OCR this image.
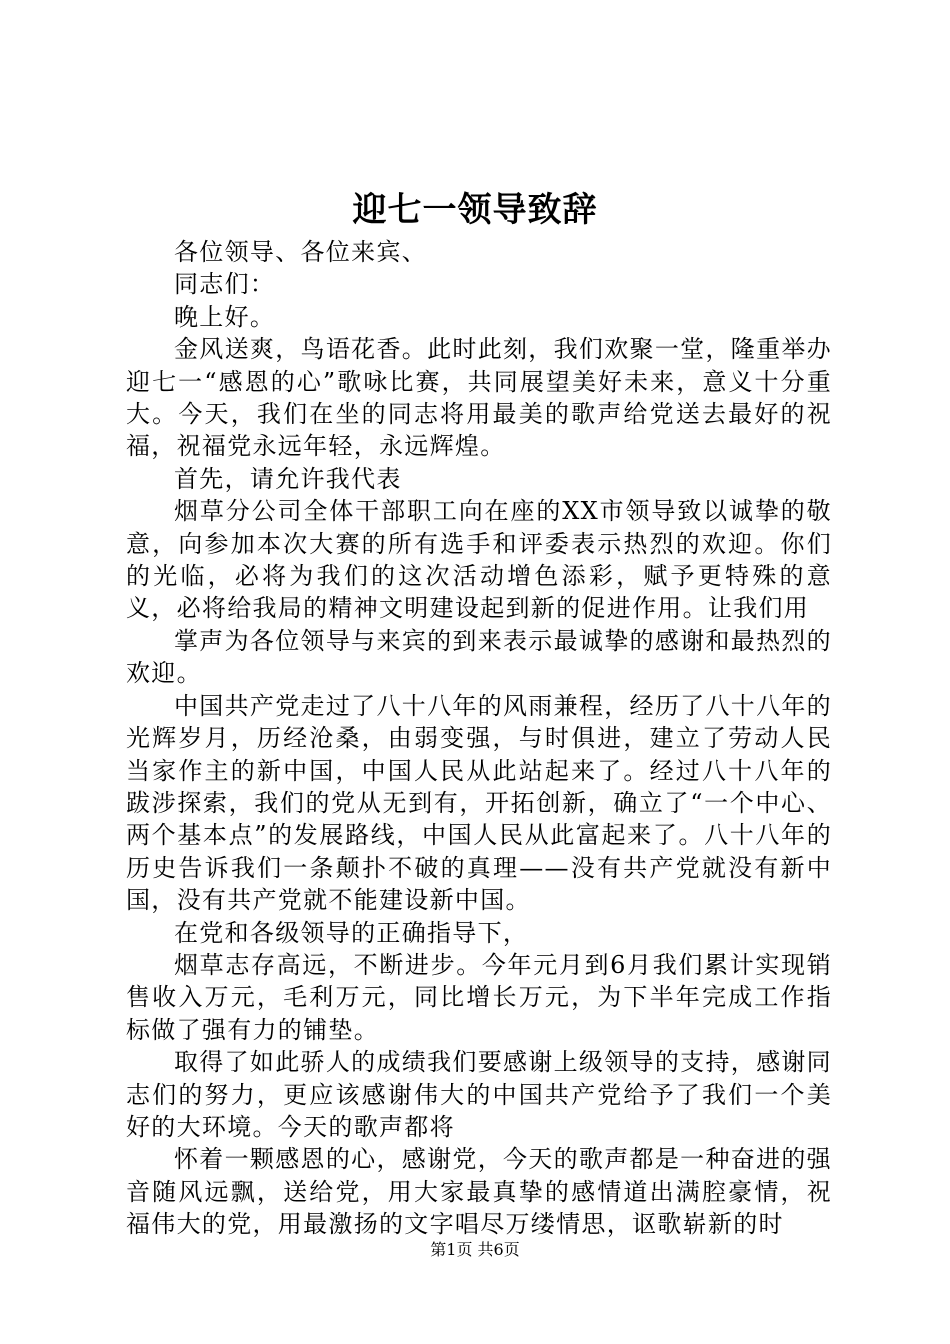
迎七一领导致辞

各位领导、各位来宾、

同志们：

晚上好。

金风送爽，鸟语花香。此时此刻，我们欢聚一堂，隆重举办迎七一“感恩的心”歌咏比赛，共同展望美好未来，意义十分重大。今天，我们在坐的同志将用最美的歌声给党送去最好的祝福，祝福党永远年轻，永远辉煌。

首先，请允许我代表

烟草分公司全体干部职工向在座的XX市领导致以诚挚的敬意，向参加本次大赛的所有选手和评委表示热烈的欢迎。你们的光临，必将为我们的这次活动增色添彩，赋予更特殊的意义，必将给我局的精神文明建设起到新的促进作用。让我们用

掌声为各位领导与来宾的到来表示最诚挚的感谢和最热烈的欢迎。

中国共产党走过了八十八年的风雨兼程，经历了八十八年的光辉岁月，历经沧桑，由弱变强，与时俱进，建立了劳动人民当家作主的新中国，中国人民从此站起来了。经过八十八年的跋涉探索，我们的党从无到有，开拓创新，确立了“一个中心、两个基本点”的发展路线，中国人民从此富起来了。八十八年的历史告诉我们一条颠扑不破的真理——没有共产党就没有新中国，没有共产党就不能建设新中国。

在党和各级领导的正确指导下，

烟草志存高远，不断进步。今年元月到6月我们累计实现销售收入万元，毛利万元，同比增长万元，为下半年完成工作指标做了强有力的铺垫。

取得了如此骄人的成绩我们要感谢上级领导的支持，感谢同志们的努力，更应该感谢伟大的中国共产党给予了我们一个美好的大环境。今天的歌声都将

怀着一颗感恩的心，感谢党，今天的歌声都是一种奋进的强音随风远飘，送给党，用大家最真挚的感情道出满腔豪情，祝福伟大的党，用最激扬的文字唱尽万缕情思，讴歌崭新的时

第1页 共6页
